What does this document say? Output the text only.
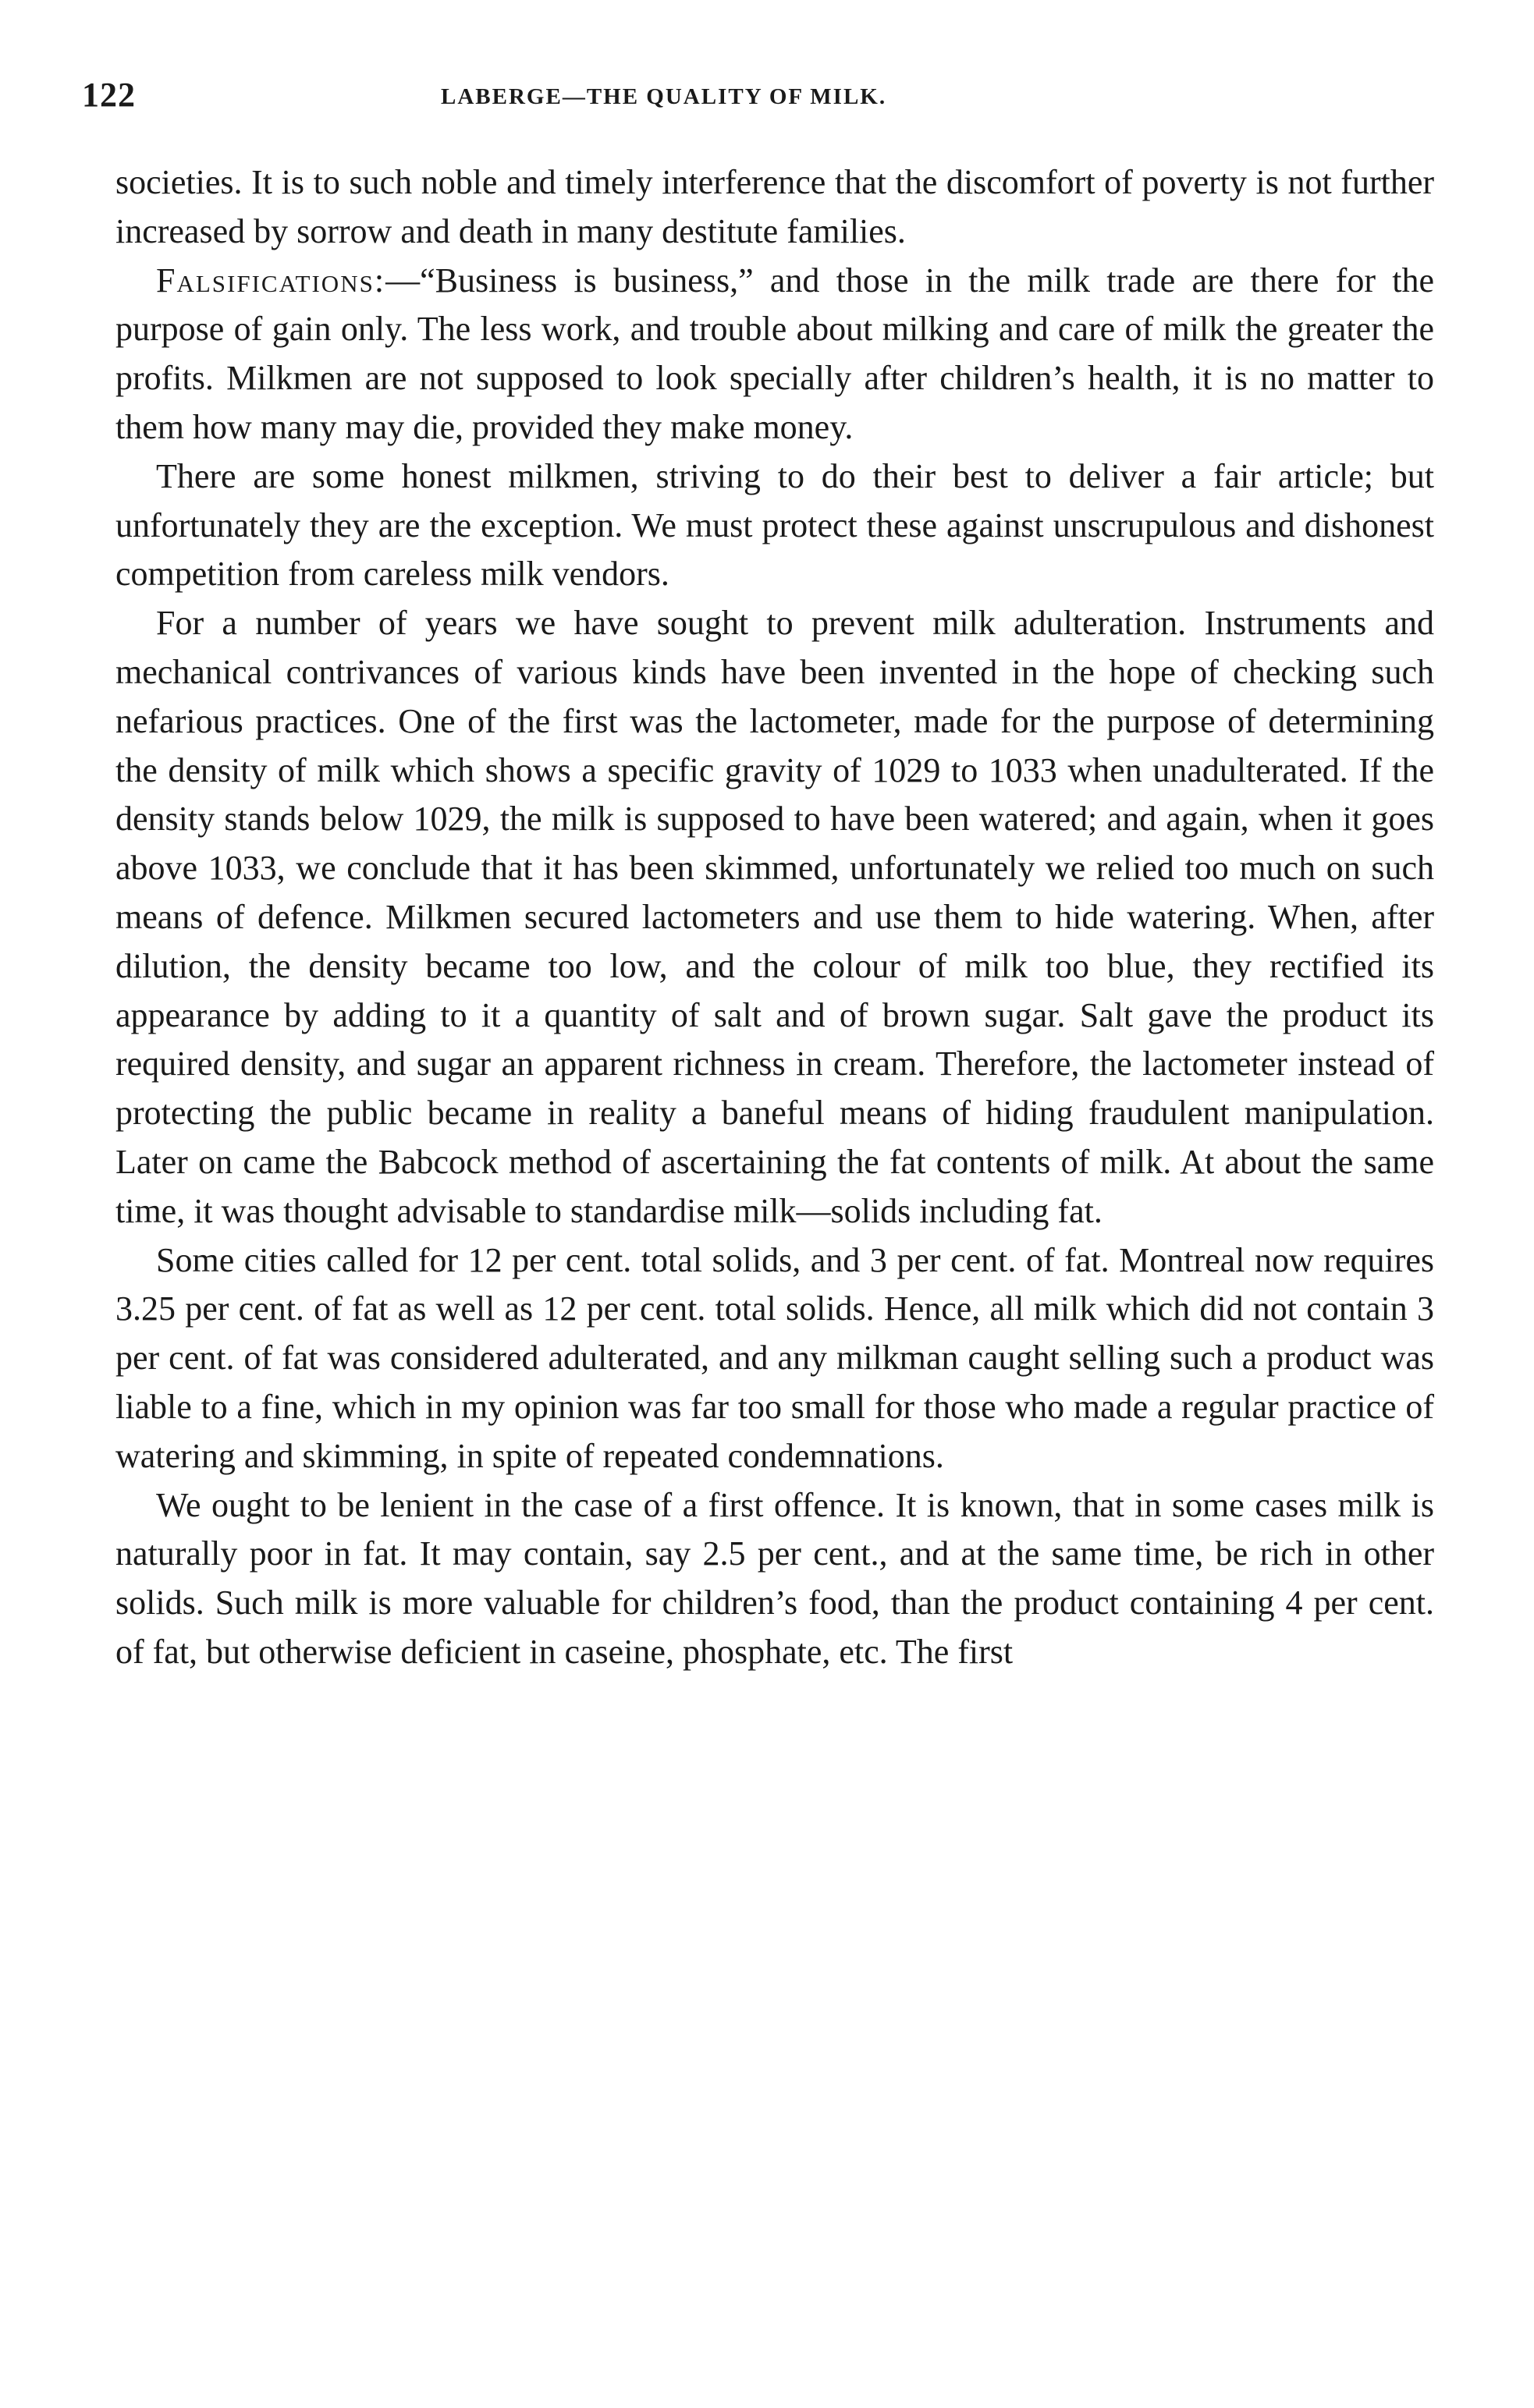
122	LABERGE—THE QUALITY OF MILK.

societies. It is to such noble and timely interference that the discomfort of poverty is not further increased by sorrow and death in many destitute families.

Falsifications:—“Business is business,” and those in the milk trade are there for the purpose of gain only. The less work, and trouble about milking and care of milk the greater the profits. Milkmen are not supposed to look specially after children’s health, it is no matter to them how many may die, provided they make money.

There are some honest milkmen, striving to do their best to deliver a fair article; but unfortunately they are the exception. We must protect these against unscrupulous and dishonest competition from careless milk vendors.

For a number of years we have sought to prevent milk adulteration. Instruments and mechanical contrivances of various kinds have been invented in the hope of checking such nefarious practices. One of the first was the lactometer, made for the purpose of determining the density of milk which shows a specific gravity of 1029 to 1033 when unadulterated. If the density stands below 1029, the milk is supposed to have been watered; and again, when it goes above 1033, we conclude that it has been skimmed, unfortunately we relied too much on such means of defence. Milkmen secured lactometers and use them to hide watering. When, after dilution, the density became too low, and the colour of milk too blue, they rectified its appearance by adding to it a quantity of salt and of brown sugar. Salt gave the product its required density, and sugar an apparent richness in cream. Therefore, the lactometer instead of protecting the public became in reality a baneful means of hiding fraudulent manipulation. Later on came the Babcock method of ascertaining the fat contents of milk. At about the same time, it was thought advisable to standardise milk—solids including fat.

Some cities called for 12 per cent. total solids, and 3 per cent. of fat. Montreal now requires 3.25 per cent. of fat as well as 12 per cent. total solids. Hence, all milk which did not contain 3 per cent. of fat was considered adulterated, and any milkman caught selling such a product was liable to a fine, which in my opinion was far too small for those who made a regular practice of watering and skimming, in spite of repeated condemnations.

We ought to be lenient in the case of a first offence. It is known, that in some cases milk is naturally poor in fat. It may contain, say 2.5 per cent., and at the same time, be rich in other solids. Such milk is more valuable for children’s food, than the product containing 4 per cent. of fat, but otherwise deficient in caseine, phosphate, etc. The first
